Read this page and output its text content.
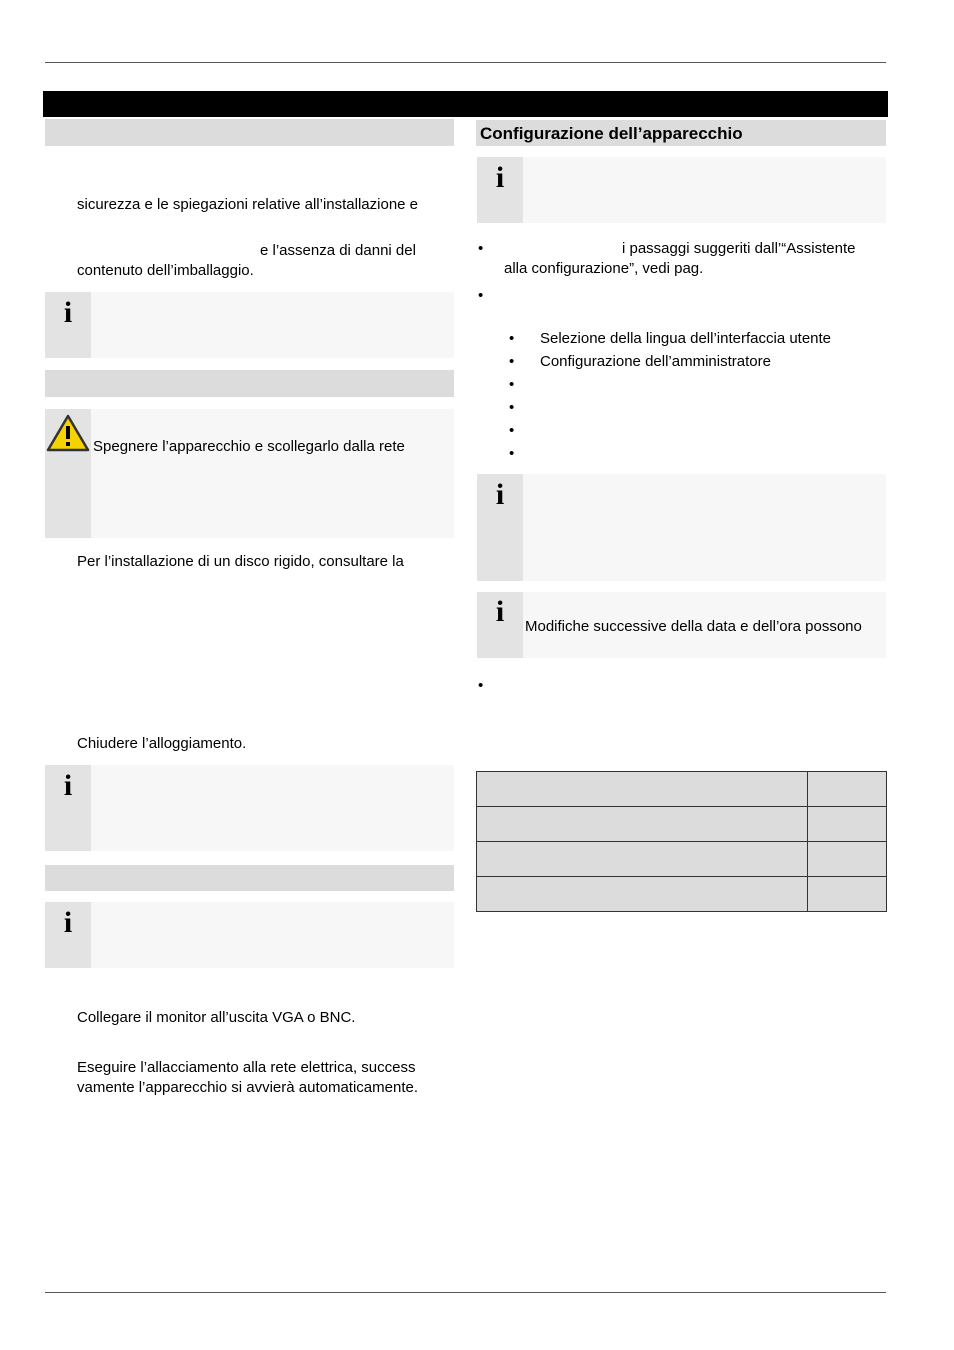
sicurezza e le spiegazioni relative all’installazione e
e l’assenza di danni del
contenuto dell’imballaggio.
i
Spegnere l’apparecchio e scollegarlo dalla rete
Per l’installazione di un disco rigido, consultare la
Chiudere l’alloggiamento.
i
i
Collegare il monitor all’uscita VGA o BNC.
Eseguire l’allacciamento alla rete elettrica, success
vamente l’apparecchio si avvierà automaticamente.
Configurazione dell’apparecchio
i
•	i passaggi suggeriti dall’“Assistente
alla configurazione”, vedi pag.
•
• Selezione della lingua dell’interfaccia utente
• Configurazione dell’amministratore
•
•
•
•
i
i	Modifiche successive della data e dell’ora possono
•
